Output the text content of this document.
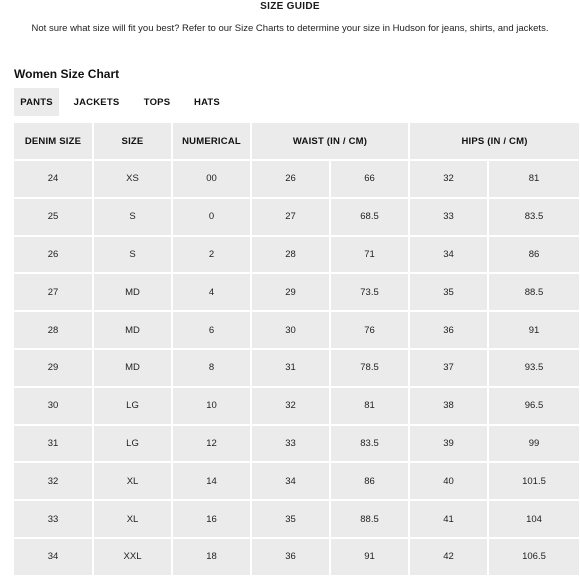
SIZE GUIDE
Not sure what size will fit you best? Refer to our Size Charts to determine your size in Hudson for jeans, shirts, and jackets.
Women Size Chart
PANTS	JACKETS	TOPS	HATS
DENIM SIZE	SIZE	NUMERICAL	WAIST (IN / CM)		HIPS (IN / CM)	
24	XS	00	26	66	32	81
25	S	0	27	68.5	33	83.5
26	S	2	28	71	34	86
27	MD	4	29	73.5	35	88.5
28	MD	6	30	76	36	91
29	MD	8	31	78.5	37	93.5
30	LG	10	32	81	38	96.5
31	LG	12	33	83.5	39	99
32	XL	14	34	86	40	101.5
33	XL	16	35	88.5	41	104
34	XXL	18	36	91	42	106.5
